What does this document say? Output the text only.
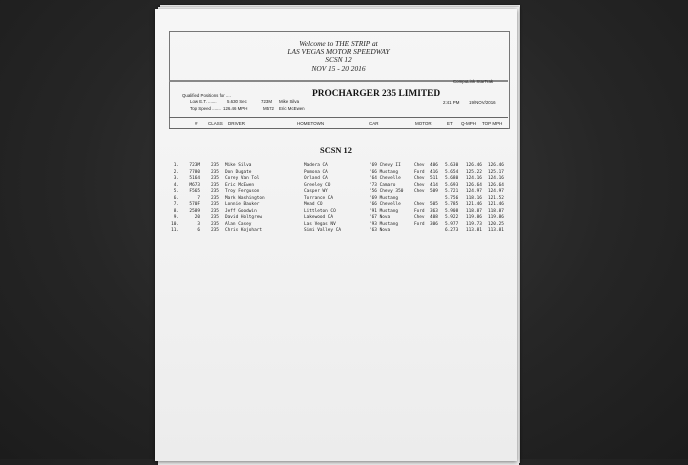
Welcome to THE STRIP at
LAS VEGAS MOTOR SPEEDWAY
SCSN 12
NOV 15 - 20 2016
CompuLink StarTrak
Qualified Positions for ....
Low E.T. ....... 5.630 Sec	723M Mike Silva
Top Speed ....... 126.46 MPH	M572 Eric McEwen
PROCHARGER 235 LIMITED
2:41 PM 19/NOV/2016
# CLASS DRIVER	HOMETOWN	CAR	MOTOR	ET Q-MPH TOP MPH
SCSN 12
1.	723M	235 Mike Silva	Madera CA	'69 Chevy II	Chev 406 5.630 126.46 126.46
2.	7780	235 Don Dugate	Pomona CA	'66 Mustang	Ford 416 5.654 125.22 125.17
3.	5164	235 Corey Van Tol	Orland CA	'64 Chevelle	Chev 511 5.680 124.16 124.16
4.	M673	235 Eric McEwen	Greeley CO	'73 Camaro	Chev 414 5.693 126.64 126.64
5.	F565	235 Troy Ferguson	Casper WY	'56 Chevy 350 Chev 509 5.721 124.97 124.97
6.	7	235 Mark Washington	Torrance CA	'69 Mustang	5.756 118.16 121.52
7.	570F	235 Lonnie Bauker	Mead CO	'66 Chevelle	Chev 505 5.785 121.46 121.46
8.	2589	235 Jeff Goodwin	Littleton CO	'91 Mustang	Ford 363 5.908 118.87 118.87
9.	20	235 David Holtgrew	Lakewood CA	'67 Nova	Chev 408 5.922 119.86 119.86
10.	3	235 Alan Casey	Las Vegas NV	'93 Mustang	Ford 306 5.977 119.73 120.25
11.	6	235 Chris Kojohart	Simi Valley CA	'63 Nova	6.273 113.81 113.81
